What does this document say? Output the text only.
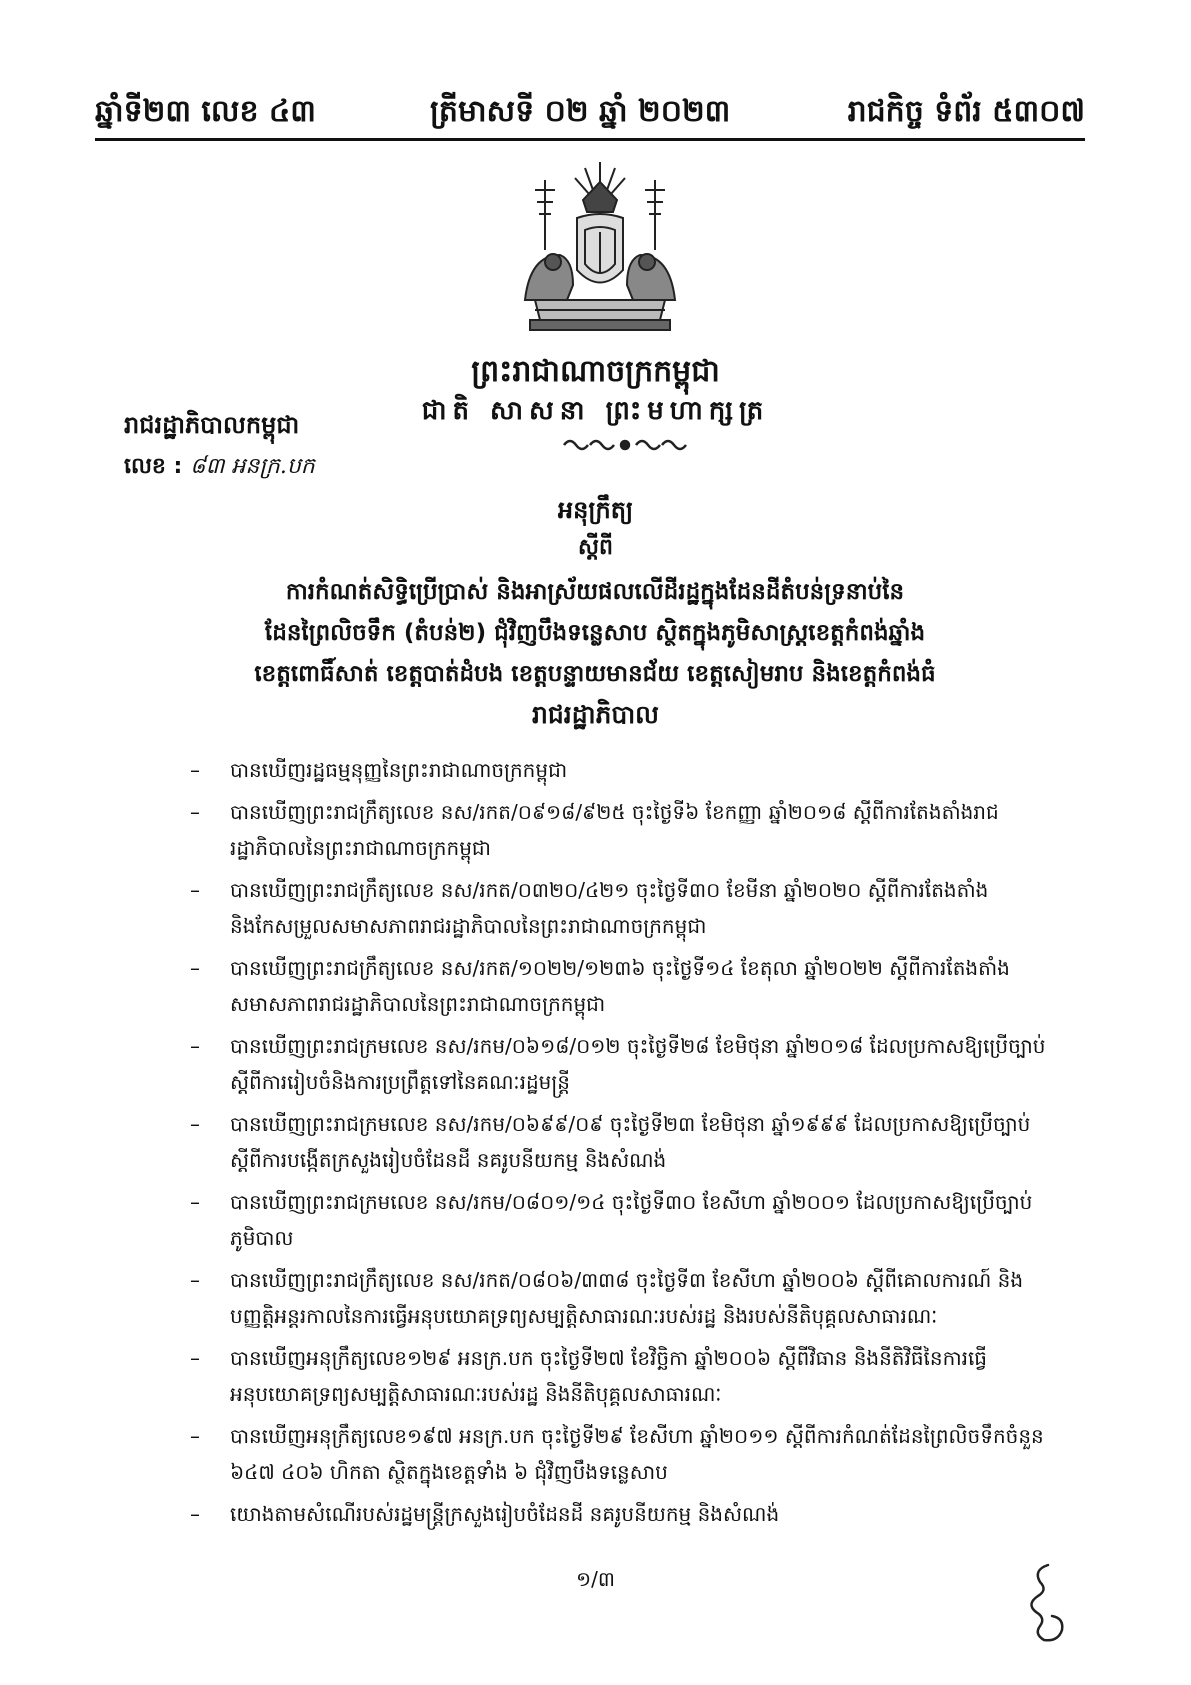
ឆ្នាំទី២៣ លេខ ៤៣	ត្រីមាសទី ០២ ឆ្នាំ ២០២៣	រាជកិច្ច ទំព័រ ៥៣០៧
ព្រះរាជាណាចក្រកម្ពុជា
ជាតិ សាសនា ព្រះមហាក្សត្រ
រាជរដ្ឋាភិបាលកម្ពុជា
លេខ : ៨៣ អនក្រ.បក
អនុក្រឹត្យ
ស្តីពី
ការកំណត់សិទ្ធិប្រើប្រាស់ និងអាស្រ័យផលលើដីរដ្ឋក្នុងដែនដីតំបន់ទ្រនាប់នៃ
ដែនព្រៃលិចទឹក (តំបន់២) ជុំវិញបឹងទន្លេសាប ស្ថិតក្នុងភូមិសាស្ត្រខេត្តកំពង់ឆ្នាំង
ខេត្តពោធិ៍សាត់ ខេត្តបាត់ដំបង ខេត្តបន្ទាយមានជ័យ ខេត្តសៀមរាប និងខេត្តកំពង់ធំ
រាជរដ្ឋាភិបាល
– បានឃើញរដ្ឋធម្មនុញ្ញនៃព្រះរាជាណាចក្រកម្ពុជា
– បានឃើញព្រះរាជក្រឹត្យលេខ នស/រកត/០៩១៨/៩២៥ ចុះថ្ងៃទី៦ ខែកញ្ញា ឆ្នាំ២០១៨ ស្តីពីការតែងតាំងរាជរដ្ឋាភិបាលនៃព្រះរាជាណាចក្រកម្ពុជា
– បានឃើញព្រះរាជក្រឹត្យលេខ នស/រកត/០៣២០/៤២១ ចុះថ្ងៃទី៣០ ខែមីនា ឆ្នាំ២០២០ ស្តីពីការតែងតាំង និងកែសម្រួលសមាសភាពរាជរដ្ឋាភិបាលនៃព្រះរាជាណាចក្រកម្ពុជា
– បានឃើញព្រះរាជក្រឹត្យលេខ នស/រកត/១០២២/១២៣៦ ចុះថ្ងៃទី១៤ ខែតុលា ឆ្នាំ២០២២ ស្តីពីការតែងតាំងសមាសភាពរាជរដ្ឋាភិបាលនៃព្រះរាជាណាចក្រកម្ពុជា
– បានឃើញព្រះរាជក្រមលេខ នស/រកម/០៦១៨/០១២ ចុះថ្ងៃទី២៨ ខែមិថុនា ឆ្នាំ២០១៨ ដែលប្រកាសឱ្យប្រើច្បាប់ស្តីពីការរៀបចំនិងការប្រព្រឹត្តទៅនៃគណៈរដ្ឋមន្ត្រី
– បានឃើញព្រះរាជក្រមលេខ នស/រកម/០៦៩៩/០៩ ចុះថ្ងៃទី២៣ ខែមិថុនា ឆ្នាំ១៩៩៩ ដែលប្រកាសឱ្យប្រើច្បាប់ស្តីពីការបង្កើតក្រសួងរៀបចំដែនដី នគរូបនីយកម្ម និងសំណង់
– បានឃើញព្រះរាជក្រមលេខ នស/រកម/០៨០១/១៤ ចុះថ្ងៃទី៣០ ខែសីហា ឆ្នាំ២០០១ ដែលប្រកាសឱ្យប្រើច្បាប់ភូមិបាល
– បានឃើញព្រះរាជក្រឹត្យលេខ នស/រកត/០៨០៦/៣៣៨ ចុះថ្ងៃទី៣ ខែសីហា ឆ្នាំ២០០៦ ស្តីពីគោលការណ៍ និងបញ្ញត្តិអន្តរកាលនៃការធ្វើអនុបយោគទ្រព្យសម្បត្តិសាធារណៈរបស់រដ្ឋ និងរបស់នីតិបុគ្គលសាធារណៈ
– បានឃើញអនុក្រឹត្យលេខ១២៩ អនក្រ.បក ចុះថ្ងៃទី២៧ ខែវិច្ឆិកា ឆ្នាំ២០០៦ ស្តីពីវិធាន និងនីតិវិធីនៃការធ្វើអនុបយោគទ្រព្យសម្បត្តិសាធារណៈរបស់រដ្ឋ និងនីតិបុគ្គលសាធារណៈ
– បានឃើញអនុក្រឹត្យលេខ១៩៧ អនក្រ.បក ចុះថ្ងៃទី២៩ ខែសីហា ឆ្នាំ២០១១ ស្តីពីការកំណត់ដែនព្រៃលិចទឹកចំនួន ៦៤៧ ៤០៦ ហិកតា ស្ថិតក្នុងខេត្តទាំង ៦ ជុំវិញបឹងទន្លេសាប
– យោងតាមសំណើរបស់រដ្ឋមន្ត្រីក្រសួងរៀបចំដែនដី នគរូបនីយកម្ម និងសំណង់
១/៣
